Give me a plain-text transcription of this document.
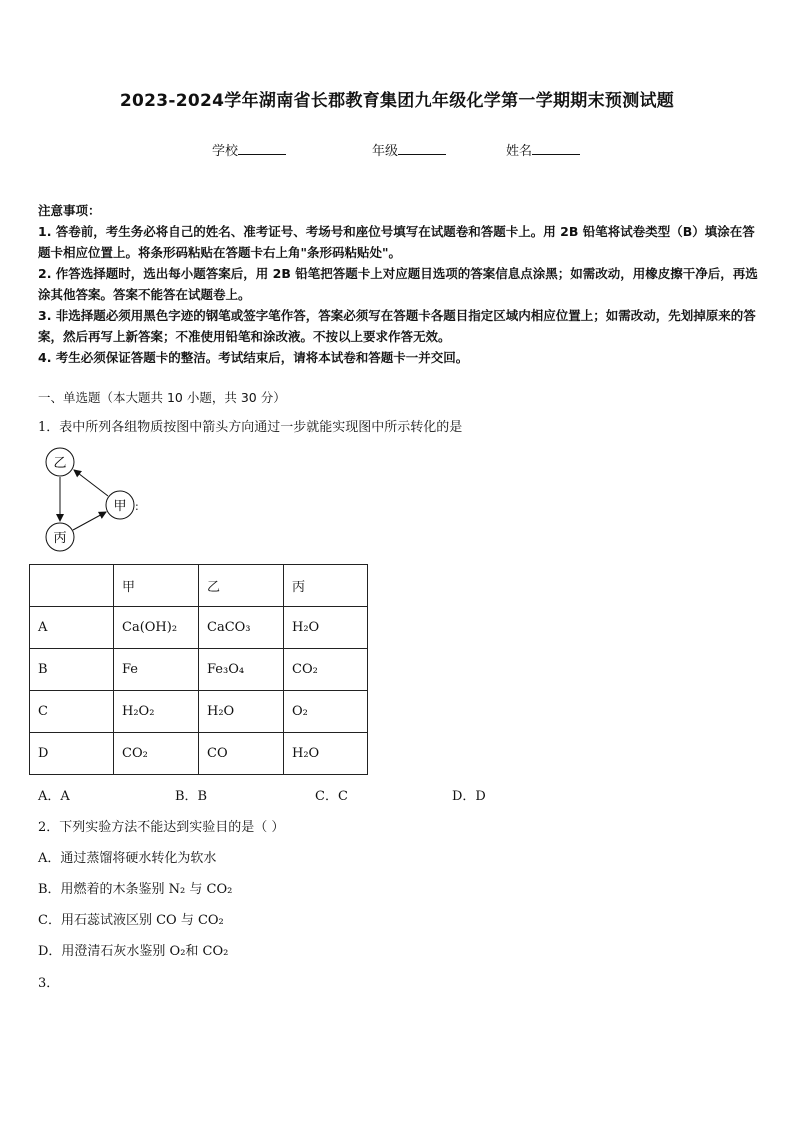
2023-2024学年湖南省长郡教育集团九年级化学第一学期期末预测试题
学校	年级	姓名

注意事项：

1. 答卷前，考生务必将自己的姓名、准考证号、考场号和座位号填写在试题卷和答题卡上。用 2B 铅笔将试卷类型（B）填涂在答题卡相应位置上。将条形码粘贴在答题卡右上角"条形码粘贴处"。

2. 作答选择题时，选出每小题答案后，用 2B 铅笔把答题卡上对应题目选项的答案信息点涂黑；如需改动，用橡皮擦干净后，再选涂其他答案。答案不能答在试题卷上。

3. 非选择题必须用黑色字迹的钢笔或签字笔作答，答案必须写在答题卡各题目指定区域内相应位置上；如需改动，先划掉原来的答案，然后再写上新答案；不准使用铅笔和涂改液。不按以上要求作答无效。

4. 考生必须保证答题卡的整洁。考试结束后，请将本试卷和答题卡一并交回。

一、单选题（本大题共 10 小题，共 30 分）
1．表中所列各组物质按图中箭头方向通过一步就能实现图中所示转化的是
乙
甲
丙
:
	甲	乙	丙
A	Ca(OH)₂	CaCO₃	H₂O
B	Fe	Fe₃O₄	CO₂
C	H₂O₂	H₂O	O₂
D	CO₂	CO	H₂O
A．A	B．B	C．C	D．D
2．下列实验方法不能达到实验目的是（ ）
A．通过蒸馏将硬水转化为软水
B．用燃着的木条鉴别 N₂ 与 CO₂
C．用石蕊试液区别 CO 与 CO₂
D．用澄清石灰水鉴别 O₂和 CO₂
3．
